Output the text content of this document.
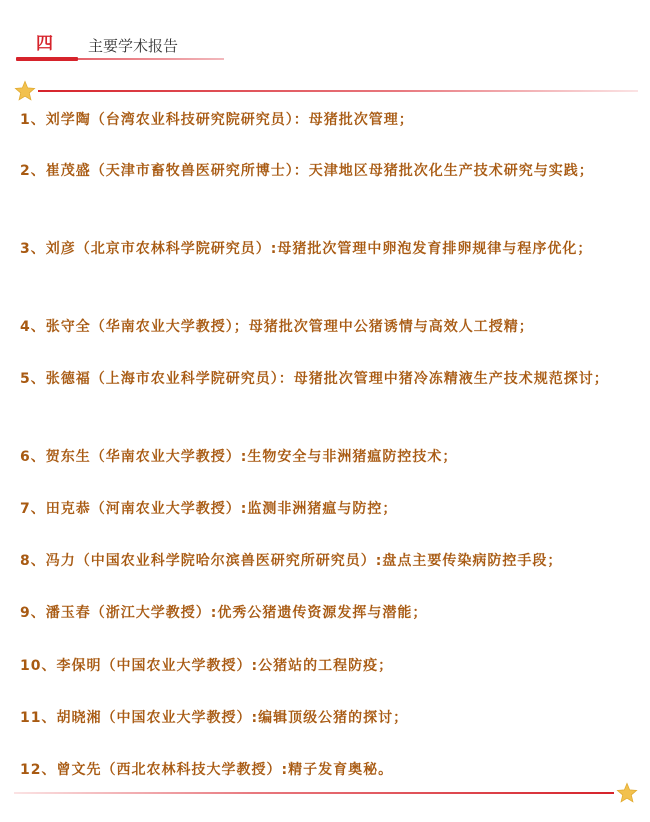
四 主要学术报告
1、刘学陶（台湾农业科技研究院研究员）：母猪批次管理；
2、崔茂盛（天津市畜牧兽医研究所博士）：天津地区母猪批次化生产技术研究与实践；
3、刘彦（北京市农林科学院研究员）:母猪批次管理中卵泡发育排卵规律与程序优化；
4、张守全（华南农业大学教授）；母猪批次管理中公猪诱情与高效人工授精；
5、张德福（上海市农业科学院研究员）：母猪批次管理中猪冷冻精液生产技术规范探讨；
6、贺东生（华南农业大学教授）:生物安全与非洲猪瘟防控技术；
7、田克恭（河南农业大学教授）:监测非洲猪瘟与防控；
8、冯力（中国农业科学院哈尔滨兽医研究所研究员）:盘点主要传染病防控手段；
9、潘玉春（浙江大学教授）:优秀公猪遗传资源发挥与潜能；
10、李保明（中国农业大学教授）:公猪站的工程防疫；
11、胡晓湘（中国农业大学教授）:编辑顶级公猪的探讨；
12、曾文先（西北农林科技大学教授）:精子发育奥秘。
